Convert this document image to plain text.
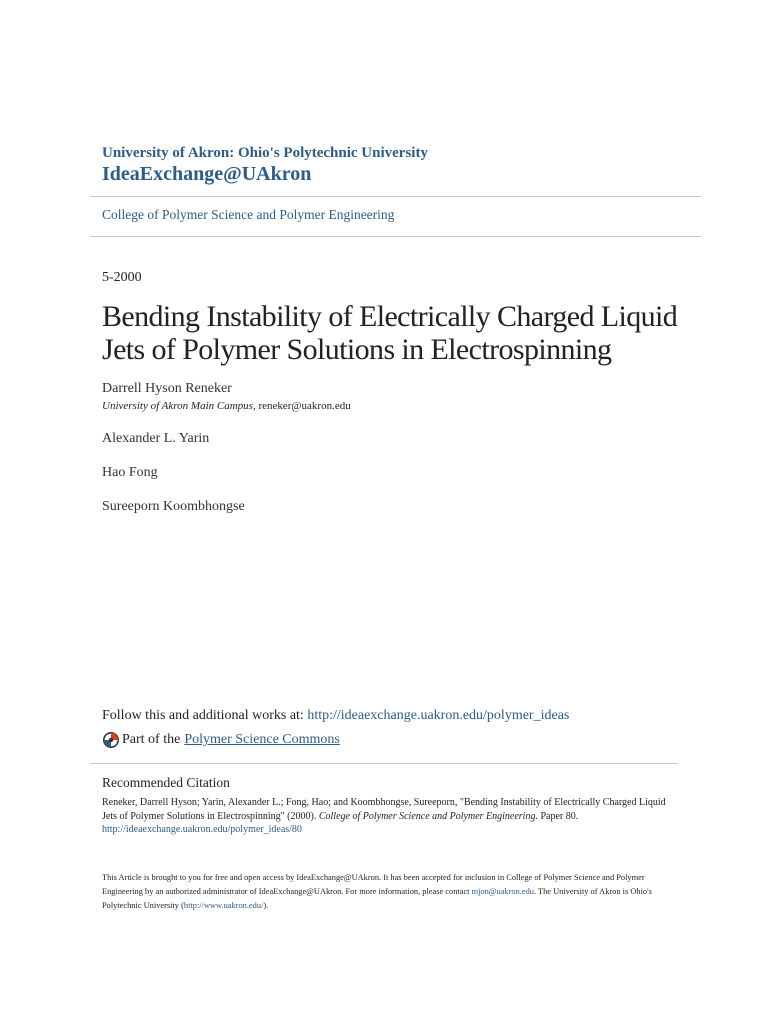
University of Akron: Ohio's Polytechnic University
IdeaExchange@UAkron
College of Polymer Science and Polymer Engineering
5-2000
Bending Instability of Electrically Charged Liquid Jets of Polymer Solutions in Electrospinning
Darrell Hyson Reneker
University of Akron Main Campus, reneker@uakron.edu
Alexander L. Yarin
Hao Fong
Sureeporn Koombhongse
Follow this and additional works at: http://ideaexchange.uakron.edu/polymer_ideas
Part of the Polymer Science Commons
Recommended Citation
Reneker, Darrell Hyson; Yarin, Alexander L.; Fong, Hao; and Koombhongse, Sureeporn, "Bending Instability of Electrically Charged Liquid Jets of Polymer Solutions in Electrospinning" (2000). College of Polymer Science and Polymer Engineering. Paper 80.
http://ideaexchange.uakron.edu/polymer_ideas/80
This Article is brought to you for free and open access by IdeaExchange@UAkron. It has been accepted for inclusion in College of Polymer Science and Polymer Engineering by an authorized administrator of IdeaExchange@UAkron. For more information, please contact mjon@uakron.edu. The University of Akron is Ohio's Polytechnic University (http://www.uakron.edu/).
